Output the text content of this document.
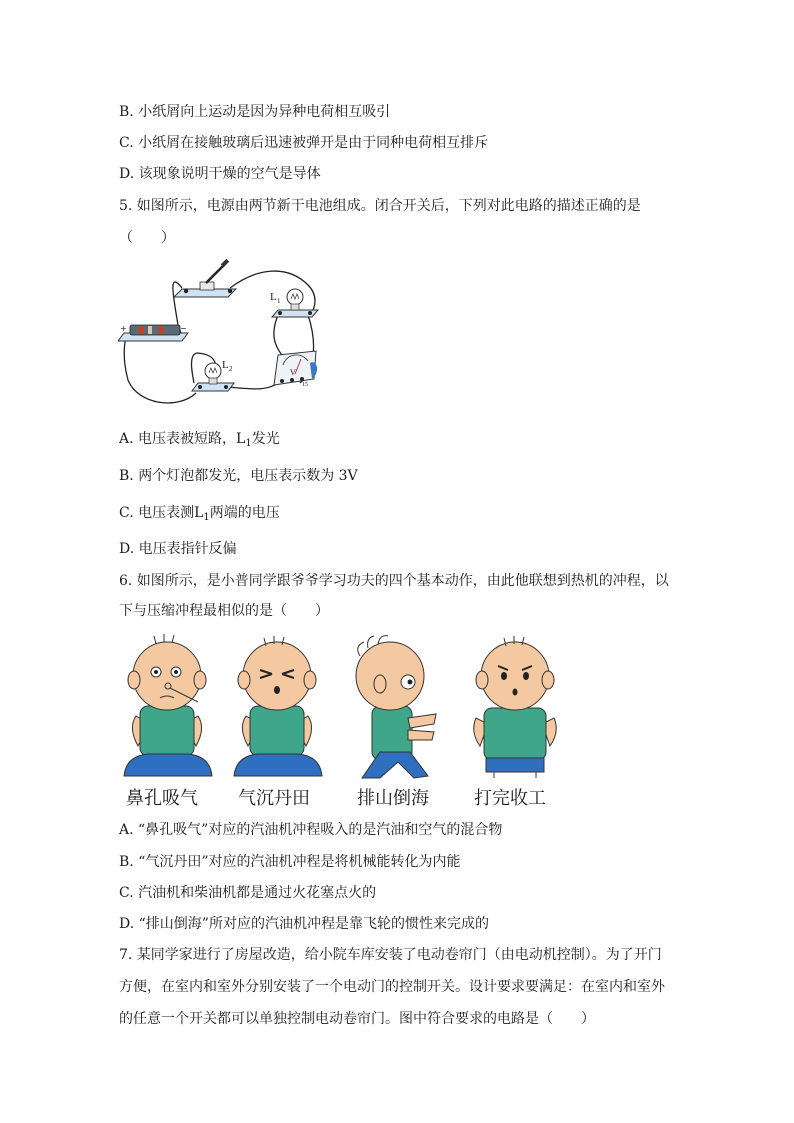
B. 小纸屑向上运动是因为异种电荷相互吸引
C. 小纸屑在接触玻璃后迅速被弹开是由于同种电荷相互排斥
D. 该现象说明干燥的空气是导体
5. 如图所示，电源由两节新干电池组成。闭合开关后，下列对此电路的描述正确的是
（　　）
L 1
+	−
L 2	V
15
A. 电压表被短路，$L_1$发光
B. 两个灯泡都发光，电压表示数为 3V
C. 电压表测$L_1$两端的电压
D. 电压表指针反偏
6. 如图所示，是小普同学跟爷爷学习功夫的四个基本动作，由此他联想到热机的冲程，以
下与压缩冲程最相似的是（　　）
鼻孔吸气 气沉丹田	排山倒海	打完收工
A. “鼻孔吸气”对应的汽油机冲程吸入的是汽油和空气的混合物
B. “气沉丹田”对应的汽油机冲程是将机械能转化为内能
C. 汽油机和柴油机都是通过火花塞点火的
D. “排山倒海”所对应的汽油机冲程是靠飞轮的惯性来完成的
7. 某同学家进行了房屋改造，给小院车库安装了电动卷帘门（由电动机控制）。为了开门
方便，在室内和室外分别安装了一个电动门的控制开关。设计要求要满足：在室内和室外
的任意一个开关都可以单独控制电动卷帘门。图中符合要求的电路是（　　）
